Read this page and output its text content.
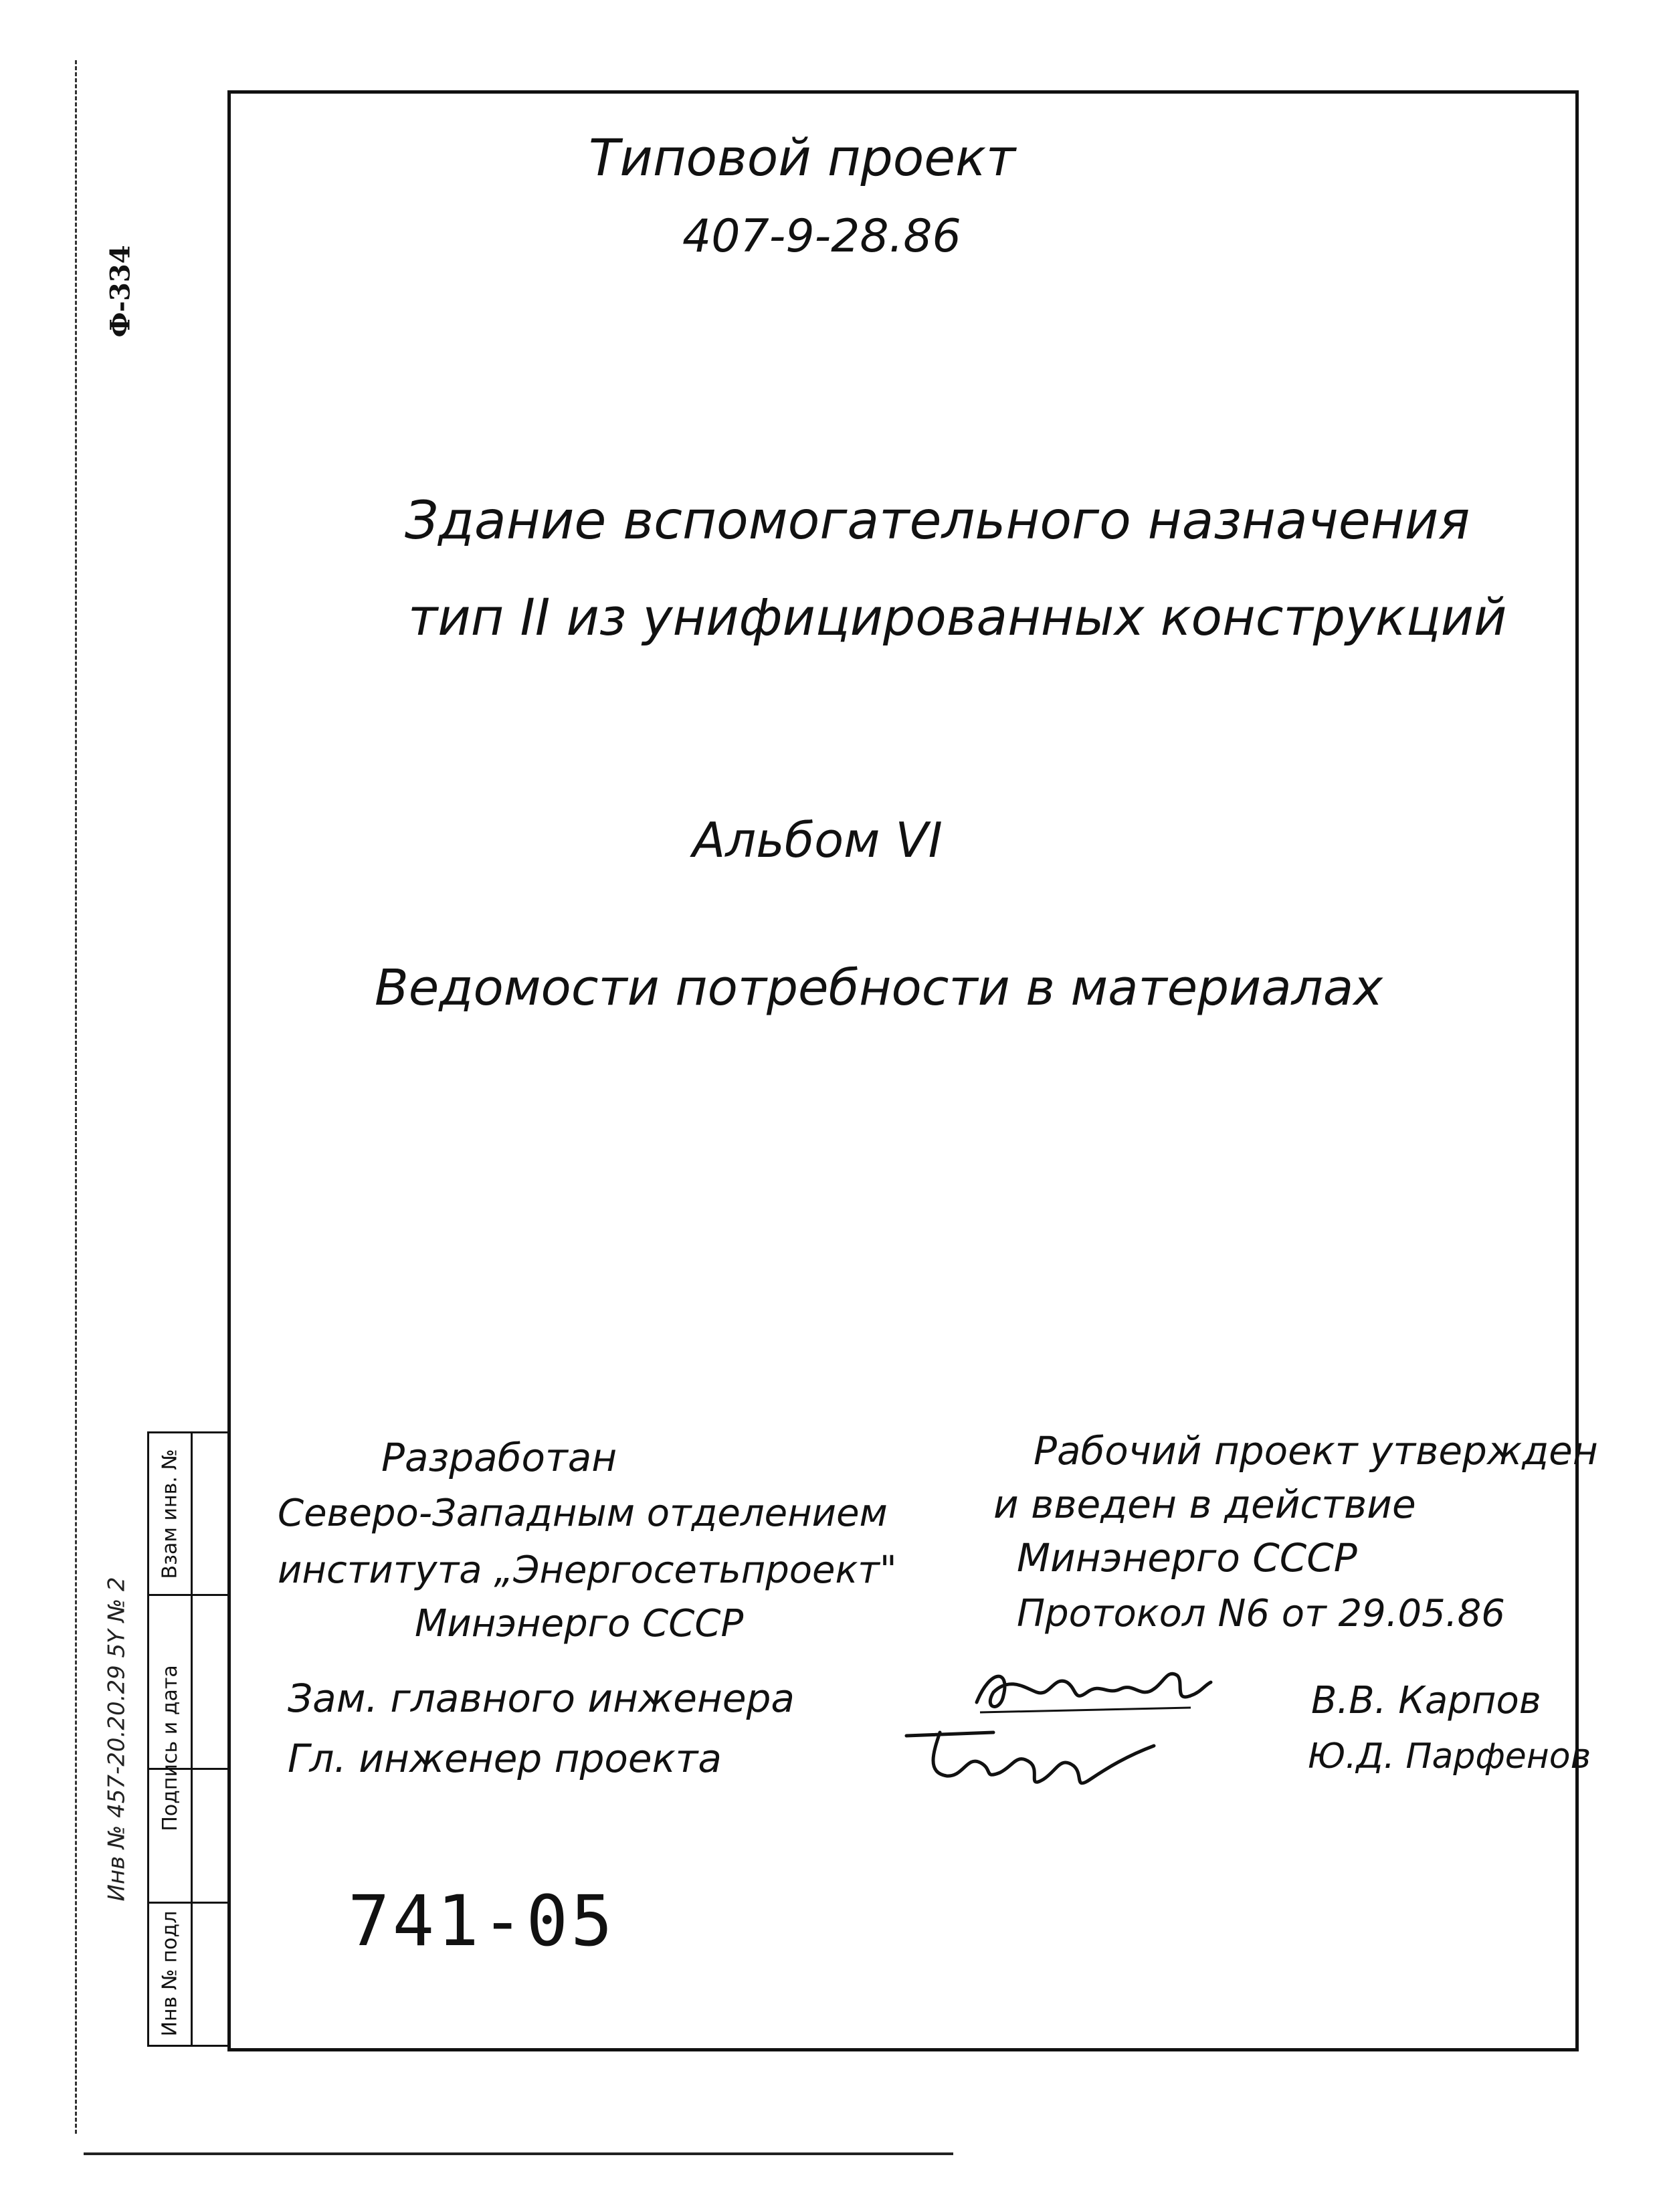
Ф-334
Типовой проект
407-9-28.86
Здание вспомогательного назначения
тип II из унифицированных конструкций
Альбом VI
Ведомости потребности в материалах
Разработан
Северо-Западным отделением
института „Энергосетьпроект"
Минэнерго СССР
Рабочий проект утвержден
и введен в действие
Минэнерго СССР
Протокол N6 от 29.05.86
Зам. главного инженера
Гл. инженер проекта
В.В. Карпов
Ю.Д. Парфенов
741-05
Инв № 457-20.20.29 5Y № 2
Взам инв. №
Подпись и дата
Инв № подл
